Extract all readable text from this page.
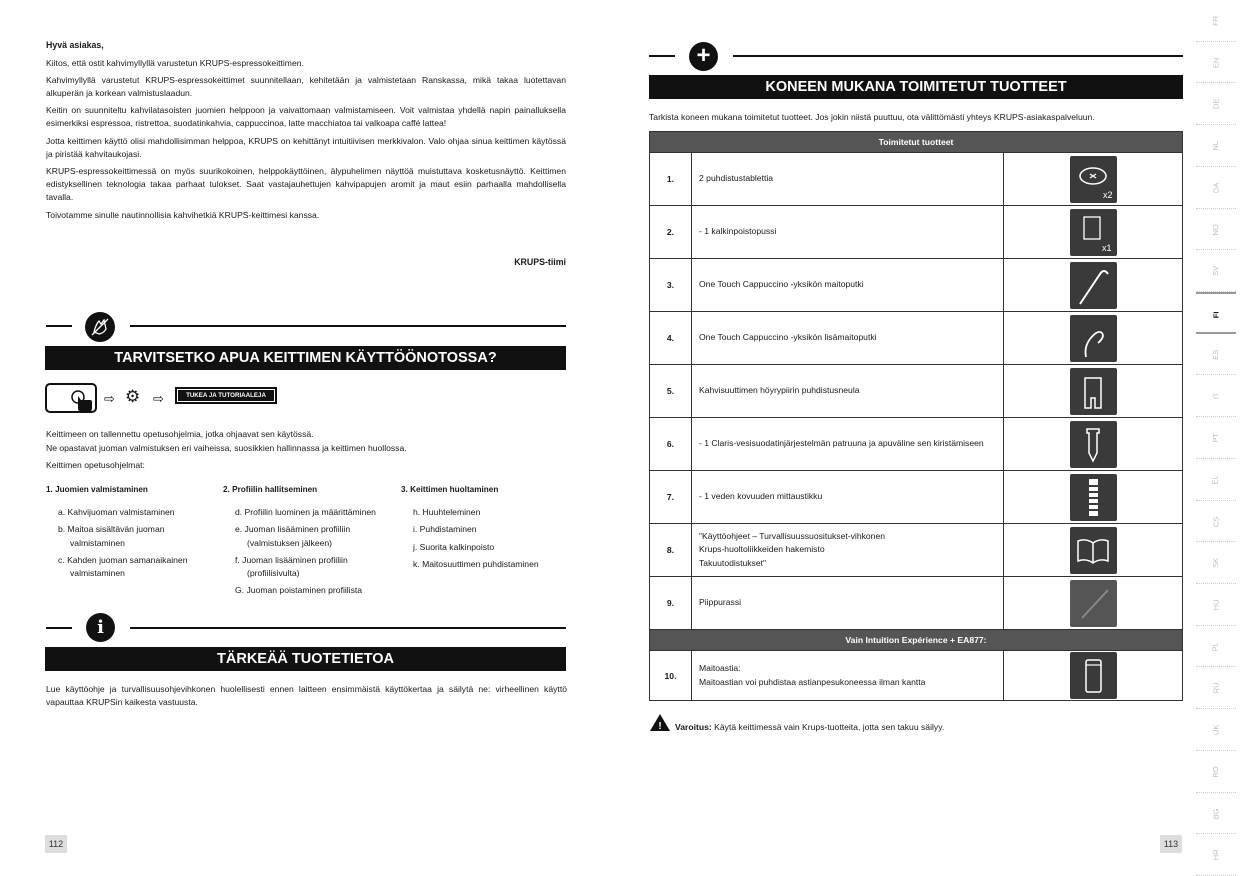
Hyvä asiakas,
Kiitos, että ostit kahvimyllyllä varustetun KRUPS-espressokeittimen.
Kahvimyllyllä varustetut KRUPS-espressokeittimet suunnitellaan, kehitetään ja valmistetaan Ranskassa, mikä takaa luotettavan alkuperän ja korkean valmistuslaadun.
Keitin on suunniteltu kahvilatasoisten juomien helppoon ja vaivattomaan valmistamiseen. Voit valmistaa yhdellä napin painalluksella esimerkiksi espressoa, ristrettoa, suodatinkahvia, cappuccinoa, latte macchiatoa tai valkoapa caffé lattea!
Jotta keittimen käyttö olisi mahdollisimman helppoa, KRUPS on kehittänyt intuitiivisen merkkivalon. Valo ohjaa sinua keittimen käytössä ja piristää kahvitaukojasi.
KRUPS-espressokeittimessä on myös suurikokoinen, helppokäyttöinen, älypuhelimen näyttöä muistuttava kosketusnäyttö. Keittimen edistyksellinen teknologia takaa parhaat tulokset. Saat vastajauhettujen kahvipapujen aromit ja maut esiin parhaalla mahdollisella tavalla.
Toivotamme sinulle nautinnollisia kahvihetkiä KRUPS-keittimesi kanssa.
KRUPS-tiimi
TARVITSETKO APUA KEITTIMEN KÄYTTÖÖNOTOSSA?
⇨ ⚙ ⇨	TUKEA JA TUTORIAALEJA
Keittimeen on tallennettu opetusohjelmia, jotka ohjaavat sen käytössä.
Ne opastavat juoman valmistuksen eri vaiheissa, suosikkien hallinnassa ja keittimen huollossa.
Keittimen opetusohjelmat:
1. Juomien valmistaminen
a. Kahvijuoman valmistaminen
b. Maitoa sisältävän juoman valmistaminen
c. Kahden juoman samanaikainen valmistaminen
2. Profiilin hallitseminen
d. Profiilin luominen ja määrittäminen
e. Juoman lisääminen profiiliin (valmistuksen jälkeen)
f. Juoman lisääminen profiiliin (profiilisivulta)
G. Juoman poistaminen profiilista
3. Keittimen huoltaminen
h. Huuhteleminen
i. Puhdistaminen
j. Suorita kalkinpoisto
k. Maitosuuttimen puhdistaminen
i
TÄRKEÄÄ TUOTETIETOA
Lue käyttöohje ja turvallisuusohjevihkonen huolellisesti ennen laitteen ensimmäistä käyttökertaa ja säilytä ne: virheellinen käyttö vapauttaa KRUPSin kaikesta vastuusta.
112
+
KONEEN MUKANA TOIMITETUT TUOTTEET
Tarkista koneen mukana toimitetut tuotteet. Jos jokin niistä puuttuu, ota välittömästi yhteys KRUPS-asiakaspalveluun.
Toimitetut tuotteet		
1.	2 puhdistustablettia	x2

2.	- 1 kalkinpoistopussi	x1

3.	One Touch Cappuccino -yksikön maitoputki	

4.	One Touch Cappuccino -yksikön lisämaitoputki	

5.	Kahvisuuttimen höyrypiirin puhdistusneula	

6.	- 1 Claris-vesisuodatinjärjestelmän patruuna ja apuväline sen kiristämiseen	

7.	- 1 veden kovuuden mittaustikku	

8.	"Käyttöohjeet – Turvallisuussuositukset-vihkonen
Krups-huoltoliikkeiden hakemisto
Takuutodistukset"	

9.	Piippurassi	

Vain Intuition Expérience + EA877:		
10.	Maitoastia:
Maitoastian voi puhdistaa astianpesukoneessa ilman kantta	
! Varoitus: Käytä keittimessä vain Krups-tuotteita, jotta sen takuu säilyy.
113
FR
EN
DE
NL
DA
NO
SV
FI
ES
IT
PT
EL
CS
SK
HU
PL
RU
UK
RO
BG
HR
